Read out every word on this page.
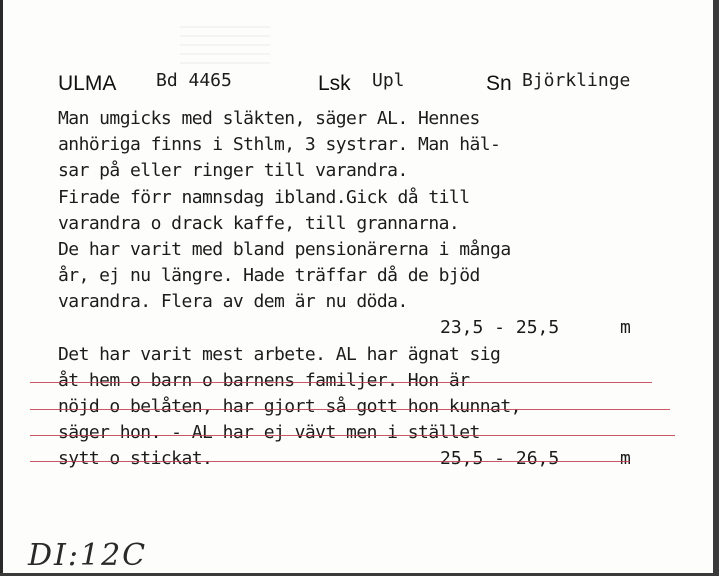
ULMA Bd 4465	Lsk Upl	Sn Björklinge
Man umgicks med släkten, säger AL. Hennes
anhöriga finns i Sthlm, 3 systrar. Man häl-
sar på eller ringer till varandra.
Firade förr namnsdag ibland.Gick då till
varandra o drack kaffe, till grannarna.
De har varit med bland pensionärerna i många
år, ej nu längre. Hade träffar då de bjöd
varandra. Flera av dem är nu döda.
23,5 - 25,5	m
Det har varit mest arbete. AL har ägnat sig
åt hem o barn o barnens familjer. Hon är
nöjd o belåten, har gjort så gott hon kunnat,
säger hon. - AL har ej vävt men i stället
sytt o stickat.	25,5 - 26,5	m
DI:12C
